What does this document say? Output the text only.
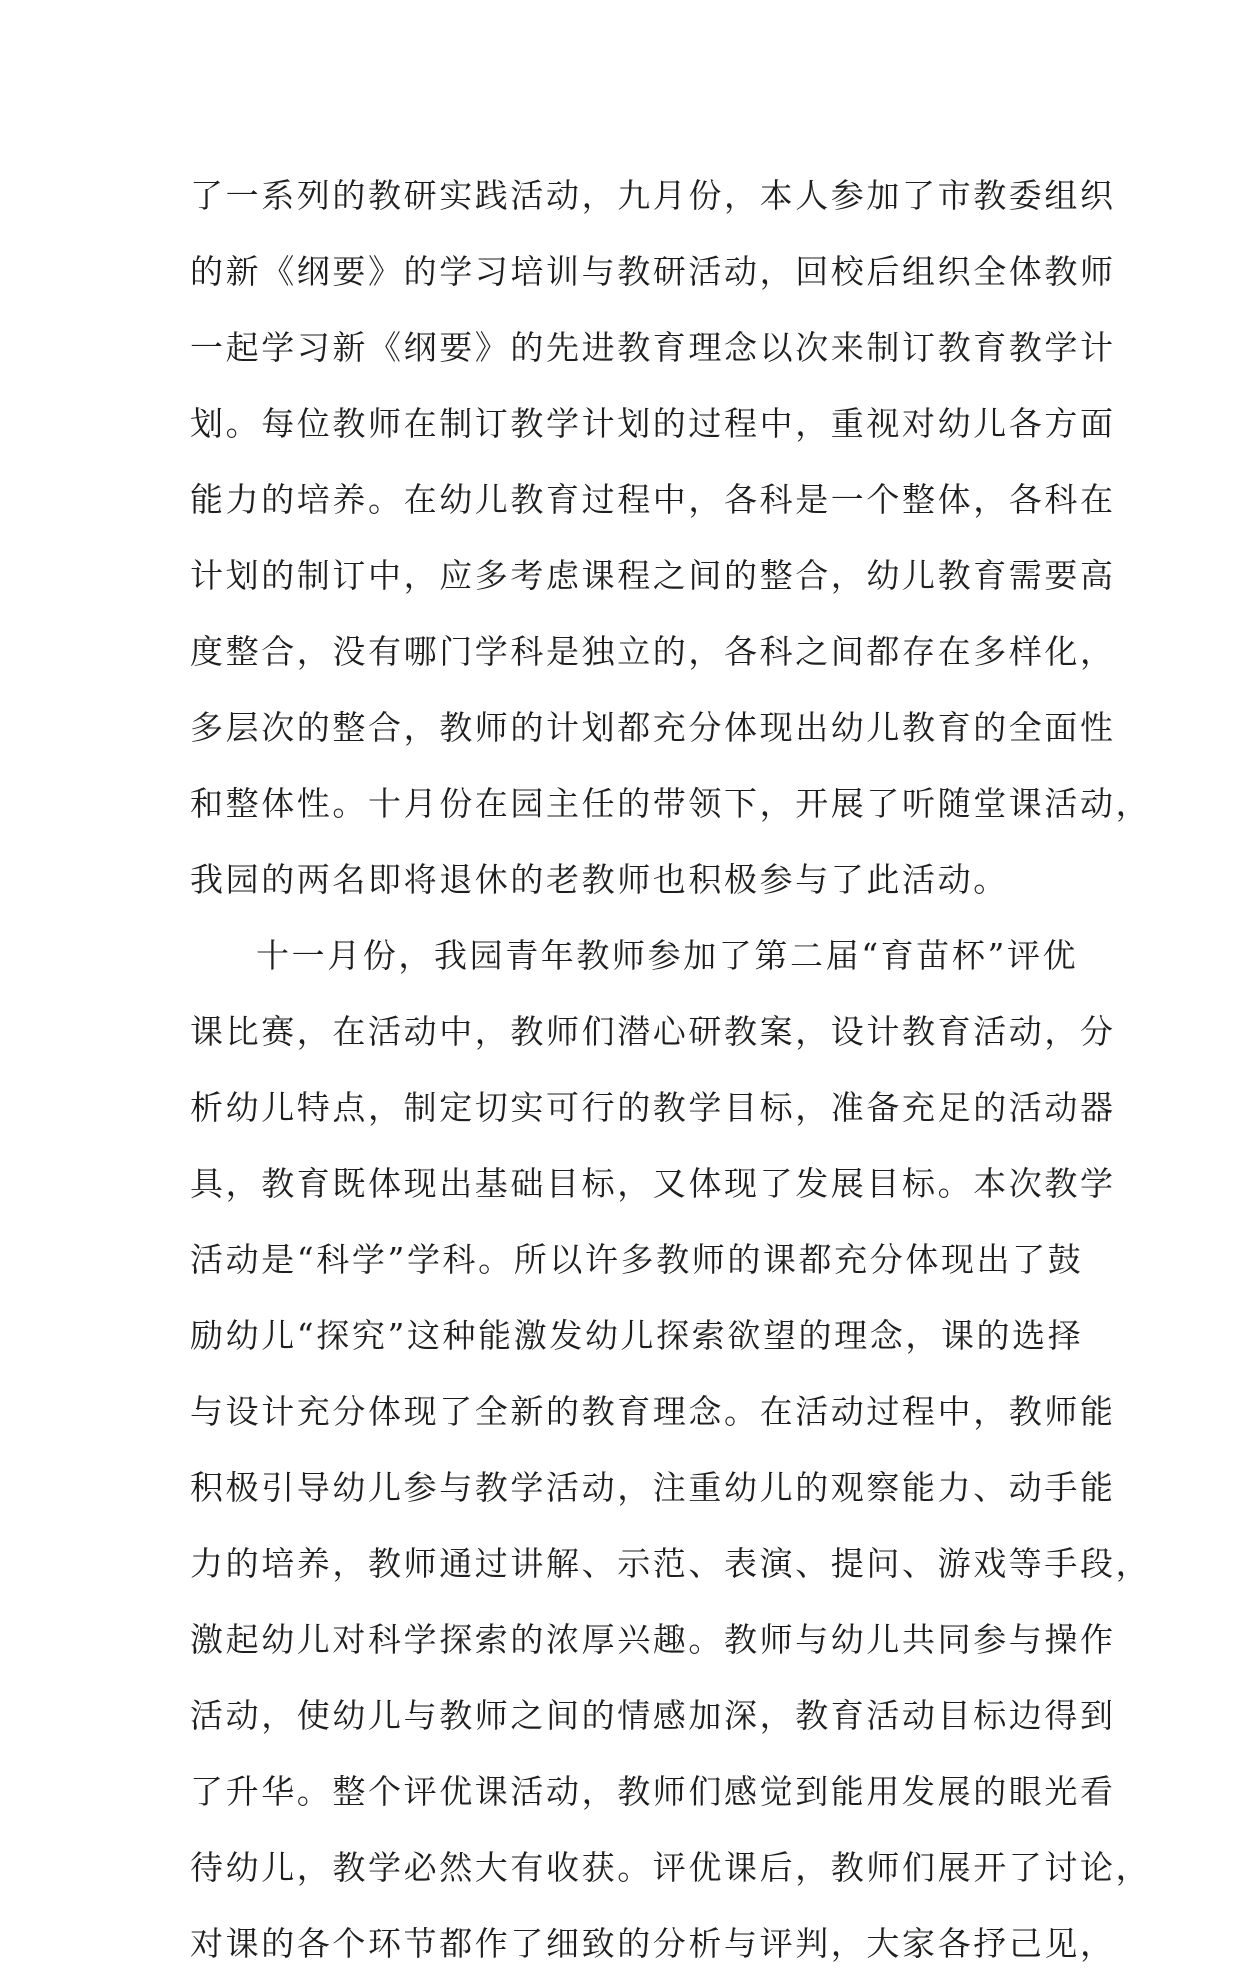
了一系列的教研实践活动，九月份，本人参加了市教委组织
的新《纲要》的学习培训与教研活动，回校后组织全体教师
一起学习新《纲要》的先进教育理念以次来制订教育教学计
划。每位教师在制订教学计划的过程中，重视对幼儿各方面
能力的培养。在幼儿教育过程中，各科是一个整体，各科在
计划的制订中，应多考虑课程之间的整合，幼儿教育需要高
度整合，没有哪门学科是独立的，各科之间都存在多样化，
多层次的整合，教师的计划都充分体现出幼儿教育的全面性
和整体性。十月份在园主任的带领下，开展了听随堂课活动，
我园的两名即将退休的老教师也积极参与了此活动。
十一月份，我园青年教师参加了第二届“育苗杯”评优
课比赛，在活动中，教师们潜心研教案，设计教育活动，分
析幼儿特点，制定切实可行的教学目标，准备充足的活动器
具，教育既体现出基础目标，又体现了发展目标。本次教学
活动是“科学”学科。所以许多教师的课都充分体现出了鼓
励幼儿“探究”这种能激发幼儿探索欲望的理念，课的选择
与设计充分体现了全新的教育理念。在活动过程中，教师能
积极引导幼儿参与教学活动，注重幼儿的观察能力、动手能
力的培养，教师通过讲解、示范、表演、提问、游戏等手段，
激起幼儿对科学探索的浓厚兴趣。教师与幼儿共同参与操作
活动，使幼儿与教师之间的情感加深，教育活动目标边得到
了升华。整个评优课活动，教师们感觉到能用发展的眼光看
待幼儿，教学必然大有收获。评优课后，教师们展开了讨论，
对课的各个环节都作了细致的分析与评判，大家各抒己见，
